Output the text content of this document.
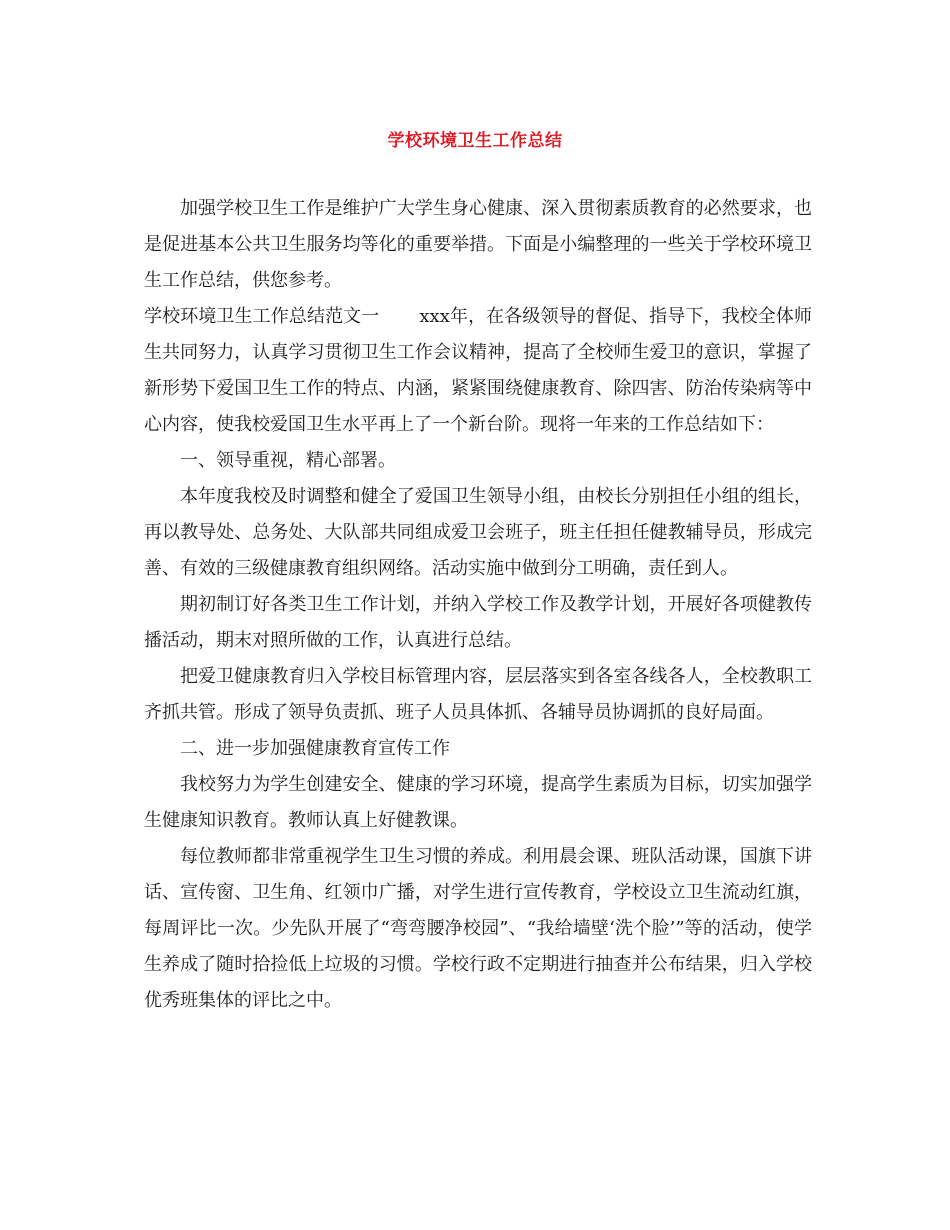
学校环境卫生工作总结

加强学校卫生工作是维护广大学生身心健康、深入贯彻素质教育的必然要求，也是促进基本公共卫生服务均等化的重要举措。下面是小编整理的一些关于学校环境卫生工作总结，供您参考。

学校环境卫生工作总结范文一 xxx年，在各级领导的督促、指导下，我校全体师生共同努力，认真学习贯彻卫生工作会议精神，提高了全校师生爱卫的意识，掌握了新形势下爱国卫生工作的特点、内涵，紧紧围绕健康教育、除四害、防治传染病等中心内容，使我校爱国卫生水平再上了一个新台阶。现将一年来的工作总结如下：

一、领导重视，精心部署。

本年度我校及时调整和健全了爱国卫生领导小组，由校长分别担任小组的组长，再以教导处、总务处、大队部共同组成爱卫会班子，班主任担任健教辅导员，形成完善、有效的三级健康教育组织网络。活动实施中做到分工明确，责任到人。

期初制订好各类卫生工作计划，并纳入学校工作及教学计划，开展好各项健教传播活动，期末对照所做的工作，认真进行总结。

把爱卫健康教育归入学校目标管理内容，层层落实到各室各线各人，全校教职工齐抓共管。形成了领导负责抓、班子人员具体抓、各辅导员协调抓的良好局面。

二、进一步加强健康教育宣传工作

我校努力为学生创建安全、健康的学习环境，提高学生素质为目标，切实加强学生健康知识教育。教师认真上好健教课。

每位教师都非常重视学生卫生习惯的养成。利用晨会课、班队活动课，国旗下讲话、宣传窗、卫生角、红领巾广播，对学生进行宣传教育，学校设立卫生流动红旗，每周评比一次。少先队开展了“弯弯腰净校园”、“我给墙壁‘洗个脸’”等的活动，使学生养成了随时拾捡低上垃圾的习惯。学校行政不定期进行抽查并公布结果，归入学校优秀班集体的评比之中。
